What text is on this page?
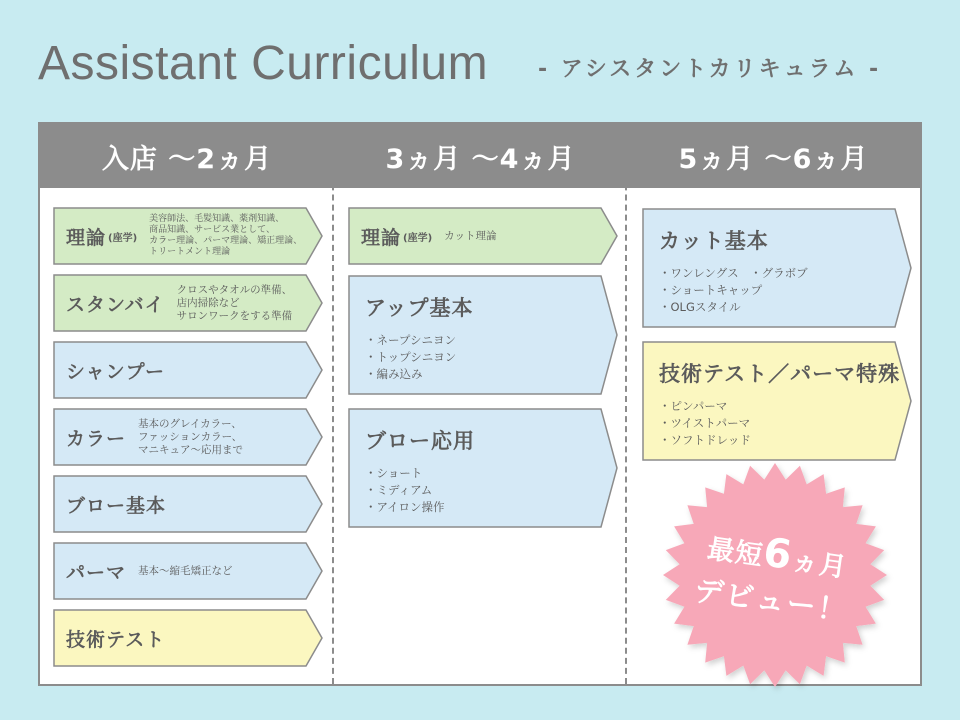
Assistant Curriculum - アシスタントカリキュラム -
入店 〜2ヵ月	3ヵ月 〜4ヵ月	5ヵ月 〜6ヵ月
理論 (座学)
美容師法、毛髪知識、薬剤知識、
商品知識、サービス業として、
カラー理論、パーマ理論、矯正理論、
トリートメント理論
スタンバイ
クロスやタオルの準備、
店内掃除など
サロンワークをする準備
シャンプー
カラー
基本のグレイカラー、
ファッションカラー、
マニキュア〜応用まで
ブロー基本
パーマ 基本〜縮毛矯正など
技術テスト
理論 (座学) カット理論
アップ基本
・ネープシニヨン
・トップシニヨン
・編み込み
ブロー応用
・ショート
・ミディアム
・アイロン操作
カット基本
・ワンレングス　・グラボブ
・ショートキャップ
・OLGスタイル
技術テスト／パーマ特殊
・ピンパーマ
・ツイストパーマ
・ソフトドレッド
最短6ヵ月
デビュー！
